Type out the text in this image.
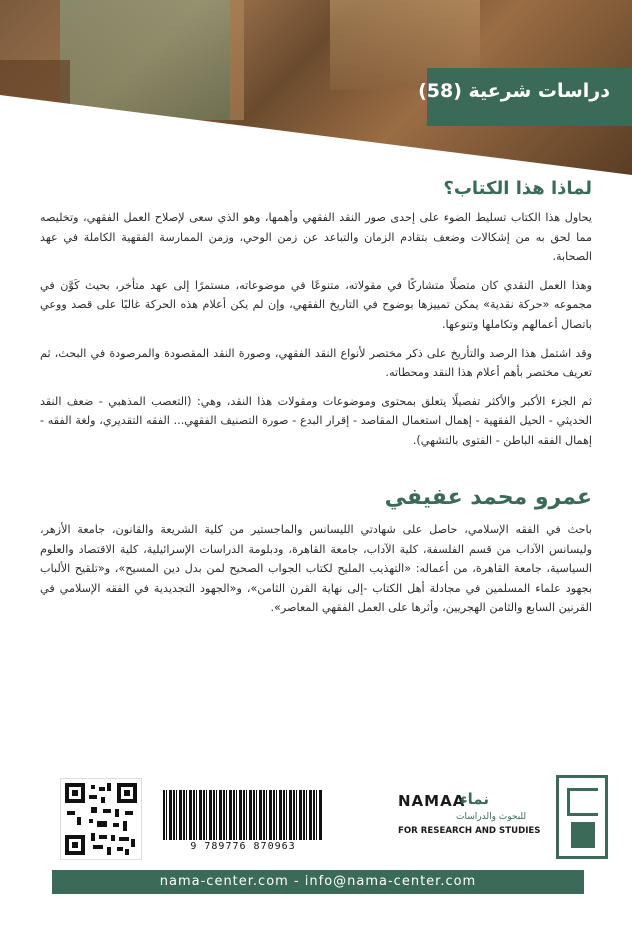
دراسات شرعية (58)
لماذا هذا الكتاب؟

يحاول هذا الكتاب تسليط الضوء على إحدى صور النقد الفقهي وأهمها، وهو الذي سعى لإصلاح العمل الفقهي، وتخليصه مما لحق به من إشكالات وضعف بتقادم الزمان والتباعد عن زمن الوحي، وزمن الممارسة الفقهية الكاملة في عهد الصحابة.

وهذا العمل النقدي كان متصلًا متشاركًا في مقولاته، متنوعًا في موضوعاته، مستمرًا إلى عهد متأخر، بحيث كَوَّن في مجموعه «حركة نقدية» يمكن تمييزها بوضوح في التاريخ الفقهي، وإن لم يكن أعلام هذه الحركة غالبًا على قصد ووعي باتصال أعمالهم وتكاملها وتنوعها.

وقد اشتمل هذا الرصد والتأريخ على ذكر مختصر لأنواع النقد الفقهي، وصورة النقد المقصودة والمرصودة في البحث، ثم تعريف مختصر بأهم أعلام هذا النقد ومحطاته.

ثم الجزء الأكبر والأكثر تفصيلًا يتعلق بمحتوى وموضوعات ومقولات هذا النقد، وهي: (التعصب المذهبي - ضعف النقد الحديثي - الحيل الفقهية - إهمال استعمال المقاصد - إقرار البدع - صورة التصنيف الفقهي... الفقه التقديري، ولغة الفقه - إهمال الفقه الباطن - الفتوى بالتشهي).

عمرو محمد عفيفي

باحث في الفقه الإسلامي، حاصل على شهادتي الليسانس والماجستير من كلية الشريعة والقانون، جامعة الأزهر، وليسانس الآداب من قسم الفلسفة، كلية الآداب، جامعة القاهرة، ودبلومة الدراسات الإسرائيلية، كلية الاقتصاد والعلوم السياسية، جامعة القاهرة، من أعماله: «التهذيب المليح لكتاب الجواب الصحيح لمن بدل دين المسيح»، و«تلقيح الألباب بجهود علماء المسلمين في مجادلة أهل الكتاب -إلى نهاية القرن الثامن»، و«الجهود التجديدية في الفقه الإسلامي في القرنين السابع والثامن الهجريين، وأثرها على العمل الفقهي المعاصر».

9 789776 870963
NAMAA
نماء
للبحوث والدراسات
FOR RESEARCH AND STUDIES
nama-center.com - info@nama-center.com
